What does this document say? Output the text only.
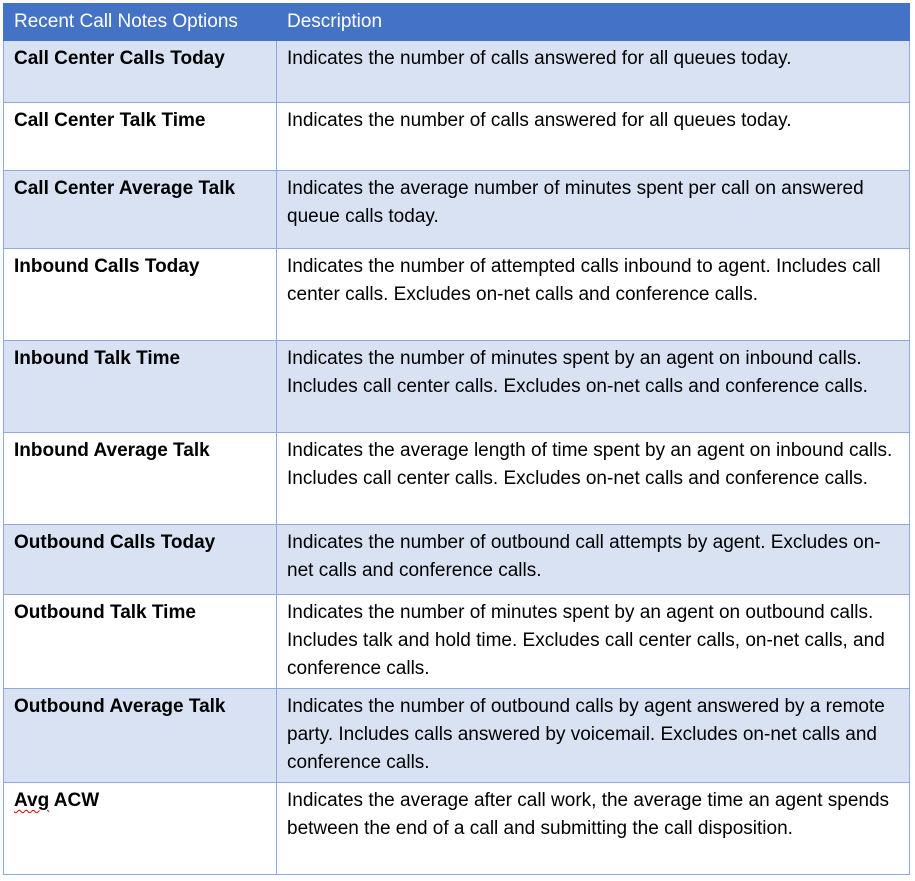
Recent Call Notes Options	Description
Call Center Calls Today	Indicates the number of calls answered for all queues today.
Call Center Talk Time	Indicates the number of calls answered for all queues today.
Call Center Average Talk	Indicates the average number of minutes spent per call on answered queue calls today.
Inbound Calls Today	Indicates the number of attempted calls inbound to agent. Includes call center calls. Excludes on-net calls and conference calls.
Inbound Talk Time	Indicates the number of minutes spent by an agent on inbound calls. Includes call center calls. Excludes on-net calls and conference calls.
Inbound Average Talk	Indicates the average length of time spent by an agent on inbound calls. Includes call center calls. Excludes on-net calls and conference calls.
Outbound Calls Today	Indicates the number of outbound call attempts by agent. Excludes on-net calls and conference calls.
Outbound Talk Time	Indicates the number of minutes spent by an agent on outbound calls. Includes talk and hold time. Excludes call center calls, on-net calls, and conference calls.
Outbound Average Talk	Indicates the number of outbound calls by agent answered by a remote party. Includes calls answered by voicemail. Excludes on-net calls and conference calls.
Avg ACW	Indicates the average after call work, the average time an agent spends between the end of a call and submitting the call disposition.
